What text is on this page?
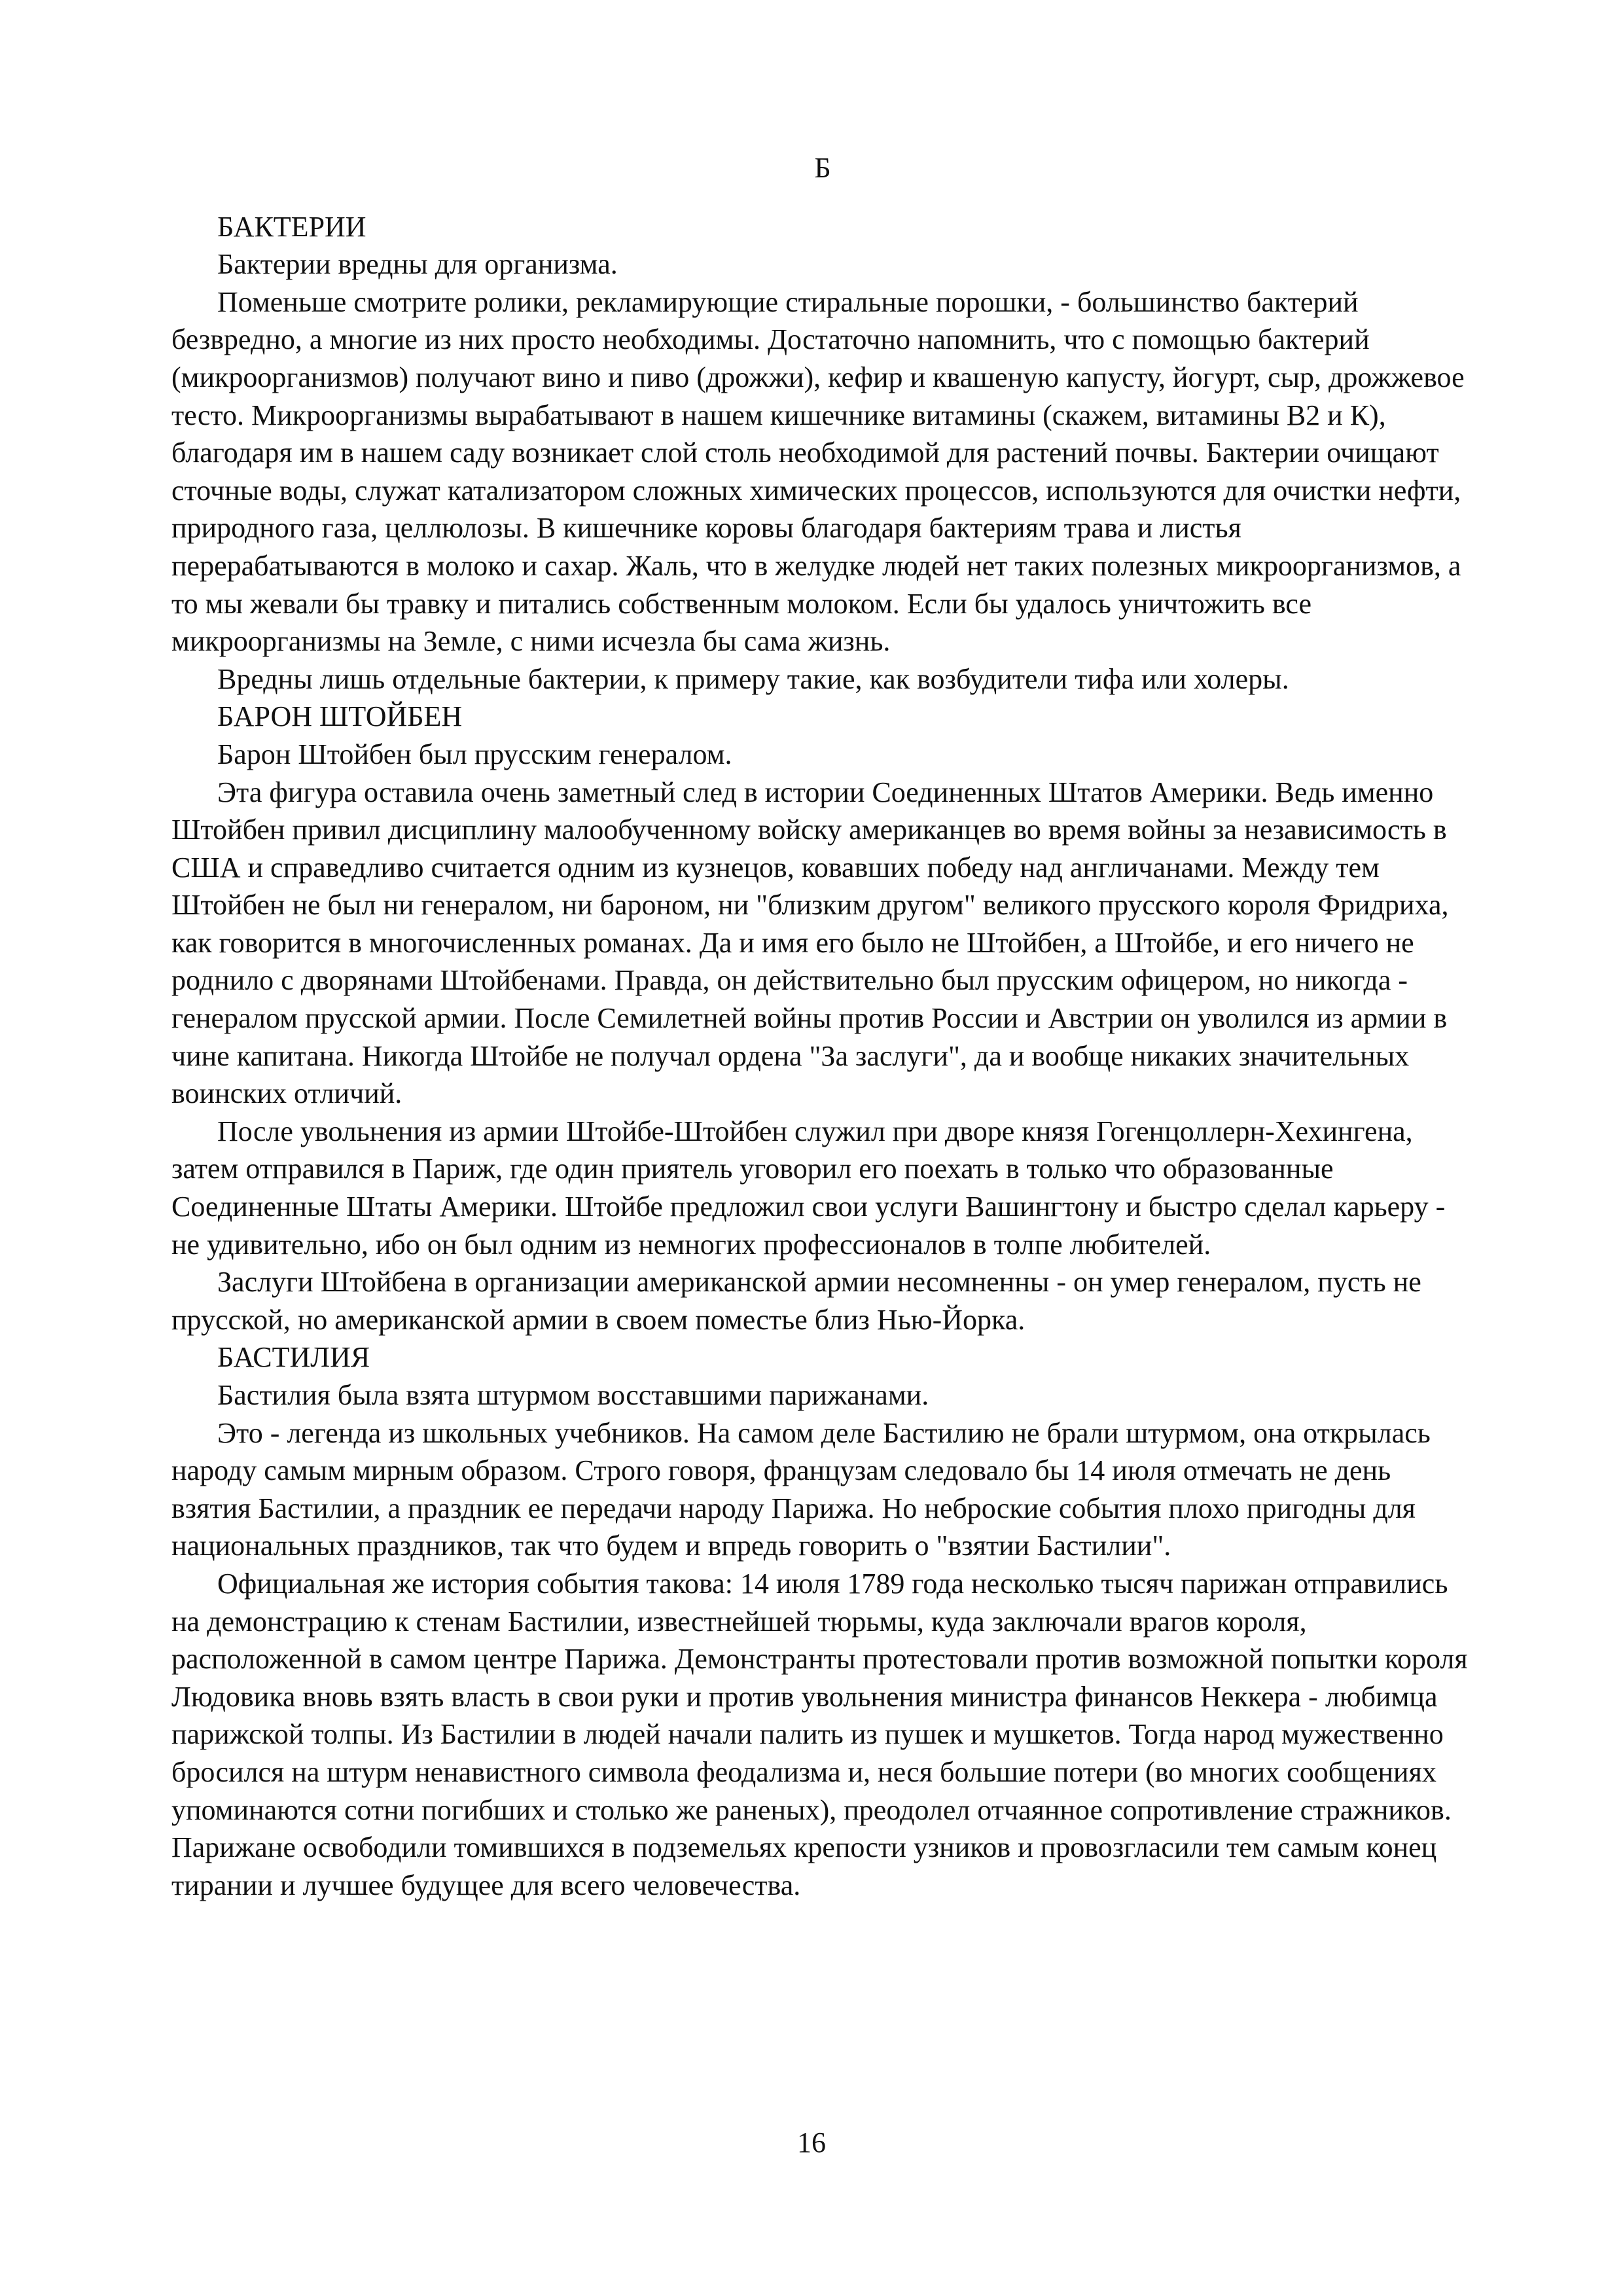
Б
БАКТЕРИИ

Бактерии вредны для организма.

Поменьше смотрите ролики, рекламирующие стиральные порошки, - большинство бактерий безвредно, а многие из них просто необходимы. Достаточно напомнить, что с помощью бактерий (микроорганизмов) получают вино и пиво (дрожжи), кефир и квашеную капусту, йогурт, сыр, дрожжевое тесто. Микроорганизмы вырабатывают в нашем кишечнике витамины (скажем, витамины В2 и К), благодаря им в нашем саду возникает слой столь необходимой для растений почвы. Бактерии очищают сточные воды, служат катализатором сложных химических процессов, используются для очистки нефти, природного газа, целлюлозы. В кишечнике коровы благодаря бактериям трава и листья перерабатываются в молоко и сахар. Жаль, что в желудке людей нет таких полезных микроорганизмов, а то мы жевали бы травку и питались собственным молоком. Если бы удалось уничтожить все микроорганизмы на Земле, с ними исчезла бы сама жизнь.

Вредны лишь отдельные бактерии, к примеру такие, как возбудители тифа или холеры.

БАРОН ШТОЙБЕН

Барон Штойбен был прусским генералом.

Эта фигура оставила очень заметный след в истории Соединенных Штатов Америки. Ведь именно Штойбен привил дисциплину малообученному войску американцев во время войны за независимость в США и справедливо считается одним из кузнецов, ковавших победу над англичанами. Между тем Штойбен не был ни генералом, ни бароном, ни "близким другом" великого прусского короля Фридриха, как говорится в многочисленных романах. Да и имя его было не Штойбен, а Штойбе, и его ничего не роднило с дворянами Штойбенами. Правда, он действительно был прусским офицером, но никогда - генералом прусской армии. После Семилетней войны против России и Австрии он уволился из армии в чине капитана. Никогда Штойбе не получал ордена "За заслуги", да и вообще никаких значительных воинских отличий.

После увольнения из армии Штойбе-Штойбен служил при дворе князя Гогенцоллерн-Хехингена, затем отправился в Париж, где один приятель уговорил его поехать в только что образованные Соединенные Штаты Америки. Штойбе предложил свои услуги Вашингтону и быстро сделал карьеру - не удивительно, ибо он был одним из немногих профессионалов в толпе любителей.

Заслуги Штойбена в организации американской армии несомненны - он умер генералом, пусть не прусской, но американской армии в своем поместье близ Нью-Йорка.

БАСТИЛИЯ

Бастилия была взята штурмом восставшими парижанами.

Это - легенда из школьных учебников. На самом деле Бастилию не брали штурмом, она открылась народу самым мирным образом. Строго говоря, французам следовало бы 14 июля отмечать не день взятия Бастилии, а праздник ее передачи народу Парижа. Но неброские события плохо пригодны для национальных праздников, так что будем и впредь говорить о "взятии Бастилии".

Официальная же история события такова: 14 июля 1789 года несколько тысяч парижан отправились на демонстрацию к стенам Бастилии, известнейшей тюрьмы, куда заключали врагов короля, расположенной в самом центре Парижа. Демонстранты протестовали против возможной попытки короля Людовика вновь взять власть в свои руки и против увольнения министра финансов Неккера - любимца парижской толпы. Из Бастилии в людей начали палить из пушек и мушкетов. Тогда народ мужественно бросился на штурм ненавистного символа феодализма и, неся большие потери (во многих сообщениях упоминаются сотни погибших и столько же раненых), преодолел отчаянное сопротивление стражников. Парижане освободили томившихся в подземельях крепости узников и провозгласили тем самым конец тирании и лучшее будущее для всего человечества.

16
